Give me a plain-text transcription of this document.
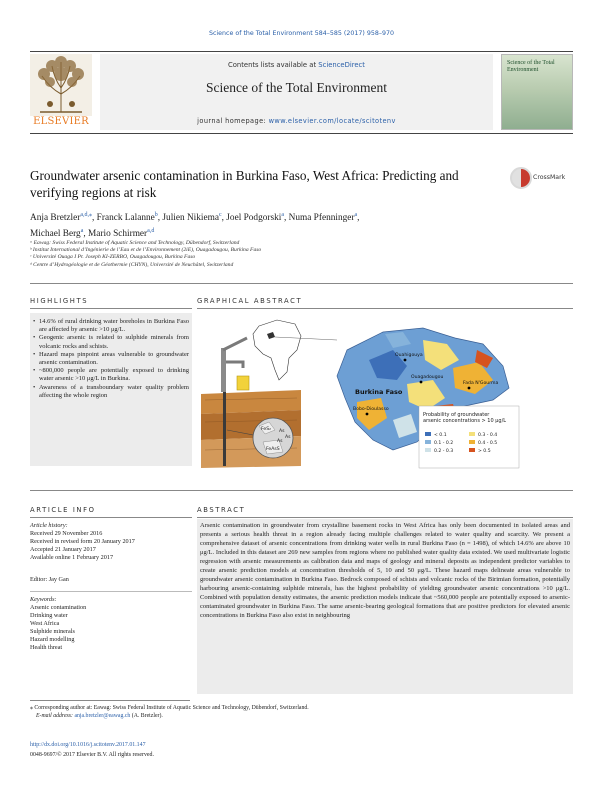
Science of the Total Environment 584–585 (2017) 958–970
ELSEVIER
Contents lists available at ScienceDirect
Science of the Total Environment
journal homepage: www.elsevier.com/locate/scitotenv
Science of the Total Environment
Groundwater arsenic contamination in Burkina Faso, West Africa: Predicting and verifying regions at risk
CrossMark
Anja Bretzler$^{a,d,⁎}$, Franck Lalanne$^b$, Julien Nikiema$^c$, Joel Podgorski$^a$, Numa Pfenninger$^a$,
Michael Berg$^a$, Mario Schirmer$^{a,d}$
ᵃ Eawag: Swiss Federal Institute of Aquatic Science and Technology, Dübendorf, Switzerland
ᵇ Institut International d’Ingénierie de l’Eau et de l’Environnement (2iE), Ouagadougou, Burkina Faso
ᶜ Université Ouaga I Pr. Joseph KI-ZERBO, Ouagadougou, Burkina Faso
ᵈ Centre d’Hydrogéologie et de Géothermie (CHYN), Université de Neuchâtel, Switzerland
HIGHLIGHTS	GRAPHICAL ABSTRACT
• 14.6% of rural drinking water boreholes in Burkina Faso are affected by arsenic >10 μg/L.
• Geogenic arsenic is related to sulphide minerals from volcanic rocks and schists.
• Hazard maps pinpoint areas vulnerable to groundwater arsenic contamination.
• ~800,000 people are potentially exposed to drinking water arsenic >10 μg/L in Burkina.
• Awareness of a transboundary water quality problem affecting the whole region
FeS₂ As
As
As
FeAsS
Ouahigouya
Ouagadougou
Fada N'Gourma
Bobo-Dioulasso
Burkina Faso
Probability of groundwater arsenic concentrations > 10 μg/L
< 0.1
0.1 - 0.2
0.2 - 0.3
0.3 - 0.4
0.4 - 0.5
> 0.5
ARTICLE INFO	ABSTRACT
Article history:
Received 29 November 2016
Received in revised form 20 January 2017
Accepted 21 January 2017
Available online 1 February 2017
Editor: Jay Gan
Keywords:
Arsenic contamination
Drinking water
West Africa
Sulphide minerals
Hazard modelling
Health threat
Arsenic contamination in groundwater from crystalline basement rocks in West Africa has only been documented in isolated areas and presents a serious health threat in a region already facing multiple challenges related to water quality and scarcity. We present a comprehensive dataset of arsenic concentrations from drinking water wells in rural Burkina Faso (n = 1498), of which 14.6% are above 10 μg/L. Included in this dataset are 269 new samples from regions where no published water quality data existed. We used multivariate logistic regression with arsenic measurements as calibration data and maps of geology and mineral deposits as independent predictor variables to create arsenic prediction models at concentration thresholds of 5, 10 and 50 μg/L. These hazard maps delineate areas vulnerable to groundwater arsenic contamination in Burkina Faso. Bedrock composed of schists and volcanic rocks of the Birimian formation, potentially harbouring arsenic-containing sulphide minerals, has the highest probability of yielding groundwater arsenic concentrations >10 μg/L. Combined with population density estimates, the arsenic prediction models indicate that ~560,000 people are potentially exposed to arsenic-contaminated groundwater in Burkina Faso. The same arsenic-bearing geological formations that are positive predictors for elevated arsenic concentrations in Burkina Faso also exist in neighbouring
⁎ Corresponding author at: Eawag: Swiss Federal Institute of Aquatic Science and Technology, Dübendorf, Switzerland.
E-mail address: anja.bretzler@eawag.ch (A. Bretzler).
http://dx.doi.org/10.1016/j.scitotenv.2017.01.147
0048-9697/© 2017 Elsevier B.V. All rights reserved.
